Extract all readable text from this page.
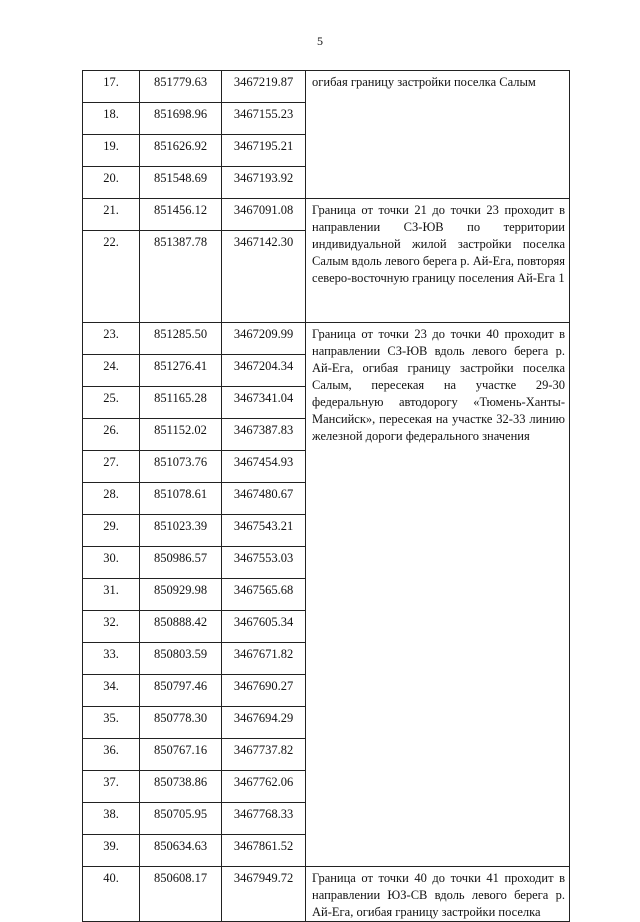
5
17.	851779.63	3467219.87	огибая границу застройки поселка Салым
18.	851698.96	3467155.23	
19.	851626.92	3467195.21	
20.	851548.69	3467193.92	
21.	851456.12	3467091.08	Граница от точки 21 до точки 23 проходит в направлении СЗ-ЮВ по территории индивидуальной жилой застройки поселка Салым вдоль левого берега р. Ай-Ега, повторяя северо-восточную границу поселения Ай-Ега 1
22.	851387.78	3467142.30	
23.	851285.50	3467209.99	Граница от точки 23 до точки 40 проходит в направлении СЗ-ЮВ вдоль левого берега р. Ай-Ега, огибая границу застройки поселка Салым, пересекая на участке 29-30 федеральную автодорогу «Тюмень-Ханты-Мансийск», пересекая на участке 32-33 линию железной дороги федерального значения
24.	851276.41	3467204.34	
25.	851165.28	3467341.04	
26.	851152.02	3467387.83	
27.	851073.76	3467454.93	
28.	851078.61	3467480.67	
29.	851023.39	3467543.21	
30.	850986.57	3467553.03	
31.	850929.98	3467565.68	
32.	850888.42	3467605.34	
33.	850803.59	3467671.82	
34.	850797.46	3467690.27	
35.	850778.30	3467694.29	
36.	850767.16	3467737.82	
37.	850738.86	3467762.06	
38.	850705.95	3467768.33	
39.	850634.63	3467861.52	
40.	850608.17	3467949.72	Граница от точки 40 до точки 41 проходит в направлении ЮЗ-СВ вдоль левого берега р. Ай-Ега, огибая границу застройки поселка
